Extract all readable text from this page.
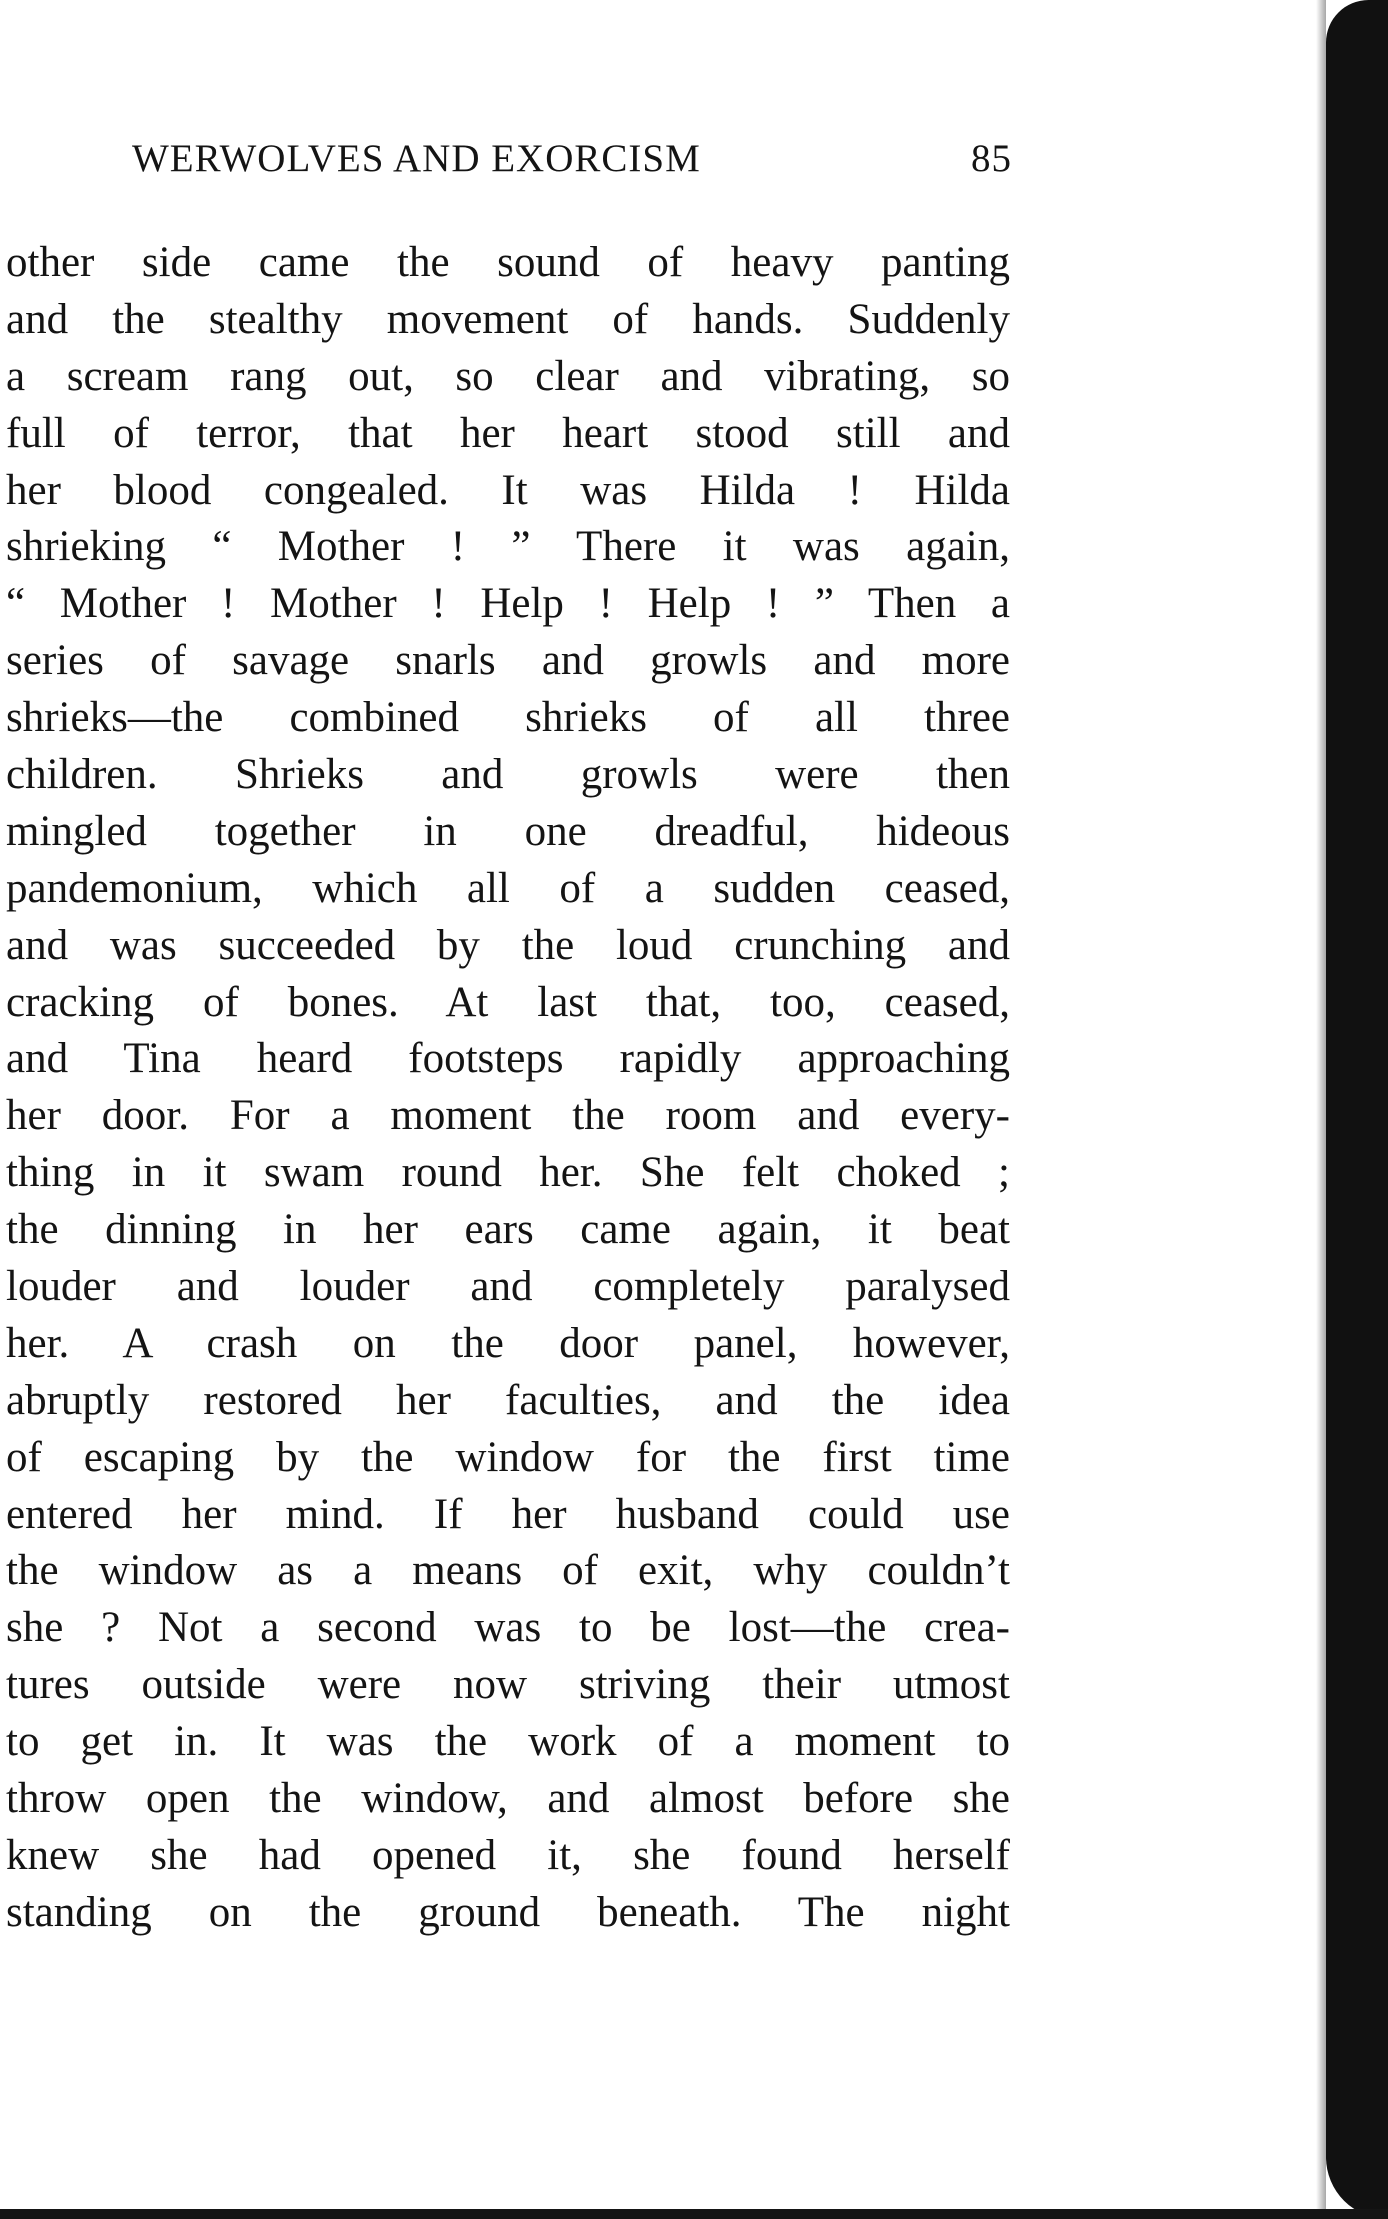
WERWOLVES AND EXORCISM	85
other side came the sound of heavy panting
and the stealthy movement of hands. Suddenly
a scream rang out, so clear and vibrating, so
full of terror, that her heart stood still and
her blood congealed. It was Hilda ! Hilda
shrieking “ Mother ! ” There it was again,
“ Mother ! Mother ! Help ! Help ! ” Then a
series of savage snarls and growls and more
shrieks—the combined shrieks of all three
children. Shrieks and growls were then
mingled together in one dreadful, hideous
pandemonium, which all of a sudden ceased,
and was succeeded by the loud crunching and
cracking of bones. At last that, too, ceased,
and Tina heard footsteps rapidly approaching
her door. For a moment the room and every-
thing in it swam round her. She felt choked ;
the dinning in her ears came again, it beat
louder and louder and completely paralysed
her. A crash on the door panel, however,
abruptly restored her faculties, and the idea
of escaping by the window for the first time
entered her mind. If her husband could use
the window as a means of exit, why couldn’t
she ? Not a second was to be lost—the crea-
tures outside were now striving their utmost
to get in. It was the work of a moment to
throw open the window, and almost before she
knew she had opened it, she found herself
standing on the ground beneath. The night
